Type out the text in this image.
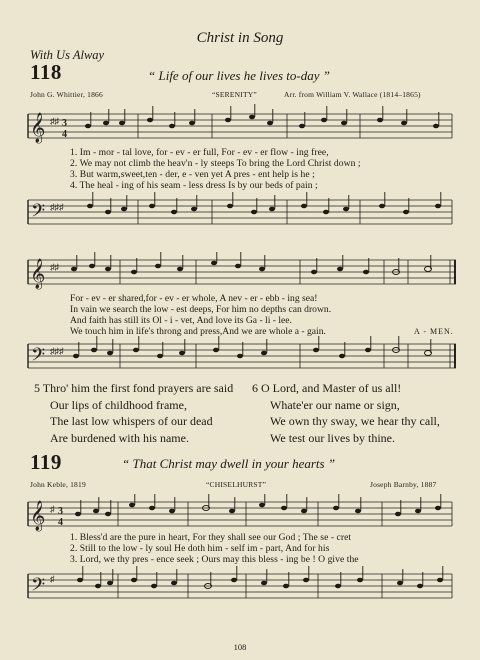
Christ in Song
With Us Alway
118	“ Life of our lives he lives to-day ”
John G. Whittier, 1866	“SERENITY”	Arr. from William V. Wallace (1814–1865)
𝄞 ♯♯ 3
4
1. Im - mor - tal love, for - ev - er full, For - ev - er flow - ing free,
2. We may not climb the heav'n - ly steeps To bring the Lord Christ down ;
3. But warm,sweet,ten - der, e - ven yet A pres - ent help is he ;
4. The heal - ing of his seam - less dress Is by our beds of pain ;
𝄢 ♯♯♯
𝄞 ♯♯
For - ev - er shared,for - ev - er whole, A nev - er - ebb - ing sea!
In vain we search the low - est deeps, For him no depths can drown.
And faith has still its Ol - i - vet, And love its Ga - li - lee.
We touch him in life's throng and press,And we are whole a - gain.	A - MEN.
𝄢 ♯♯♯
5 Thro' him the first fond prayers are said
Our lips of childhood frame,
The last low whispers of our dead
Are burdened with his name.
6 O Lord, and Master of us all!
Whate'er our name or sign,
We own thy sway, we hear thy call,
We test our lives by thine.
119	“ That Christ may dwell in your hearts ”
John Keble, 1819	“CHISELHURST”	Joseph Barnby, 1887
𝄞 ♯ 3
4
1. Bless'd are the pure in heart, For they shall see our God ; The se - cret
2. Still to the low - ly soul He doth him - self im - part, And for his
3. Lord, we thy pres - ence seek ; Ours may this bless - ing be ! O give the
𝄢 ♯
108
